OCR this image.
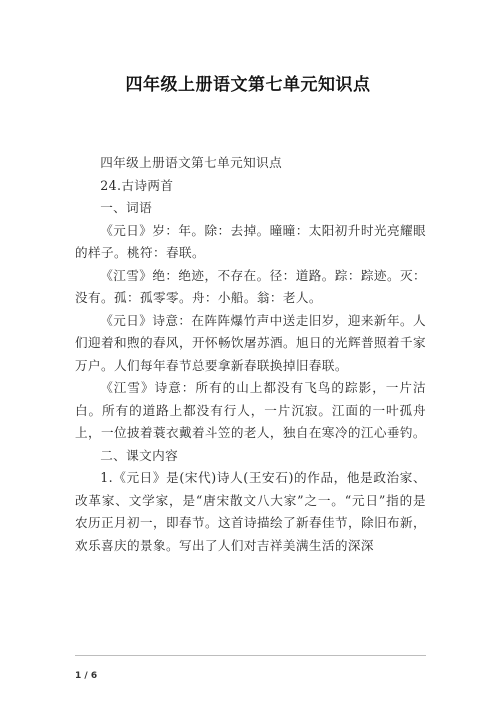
四年级上册语文第七单元知识点

四年级上册语文第七单元知识点

24.古诗两首

一、词语

《元日》岁：年。除：去掉。曈曈：太阳初升时光亮耀眼的样子。桃符：春联。

《江雪》绝：绝迹，不存在。径：道路。踪：踪迹。灭：没有。孤：孤零零。舟：小船。翁：老人。

《元日》诗意：在阵阵爆竹声中送走旧岁，迎来新年。人们迎着和煦的春风，开怀畅饮屠苏酒。旭日的光辉普照着千家万户。人们每年春节总要拿新春联换掉旧春联。

《江雪》诗意：所有的山上都没有飞鸟的踪影，一片沽白。所有的道路上都没有行人，一片沉寂。江面的一叶孤舟上，一位披着蓑衣戴着斗笠的老人，独自在寒冷的江心垂钓。

二、课文内容

1.《元日》是(宋代)诗人(王安石)的作品，他是政治家、改革家、文学家，是“唐宋散文八大家”之一。“元日”指的是农历正月初一，即春节。这首诗描绘了新春佳节，除旧布新，欢乐喜庆的景象。写出了人们对吉祥美满生活的深深

1 / 6
